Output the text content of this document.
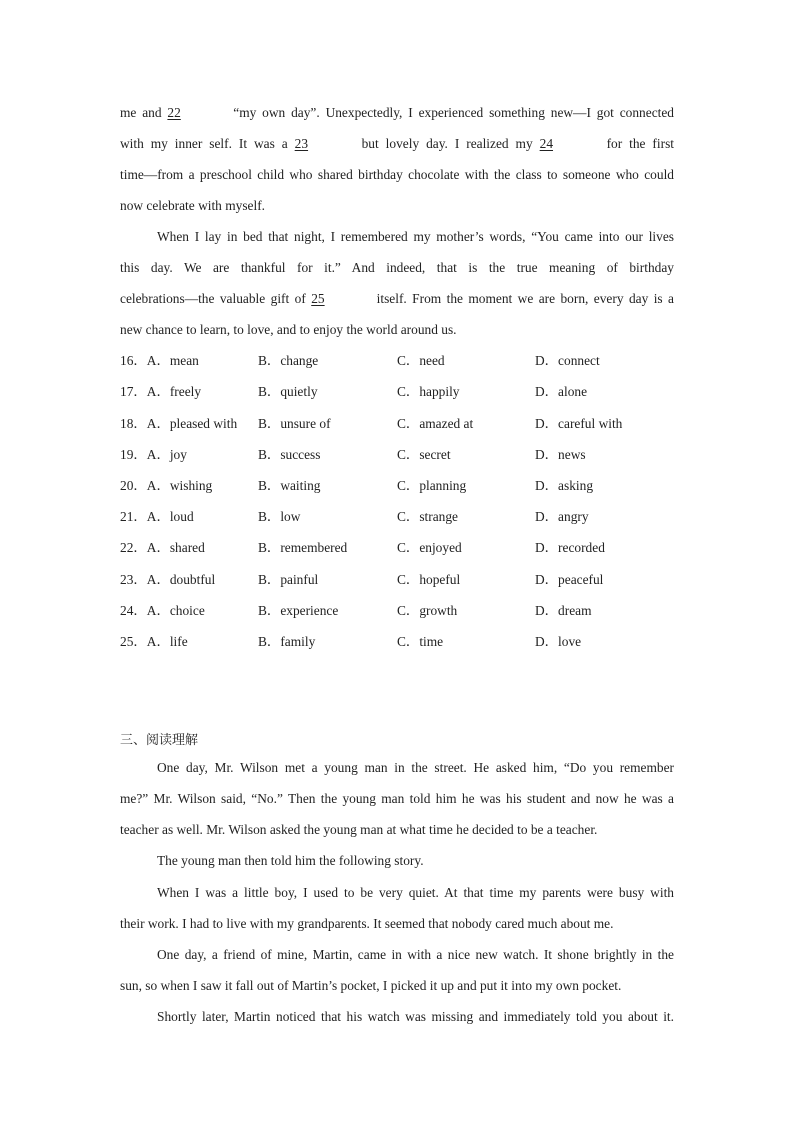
me and 22	“my own day”. Unexpectedly, I experienced something new—I got connected
with my inner self. It was a 23	but lovely day. I realized my 24	for the first
time—from a preschool child who shared birthday chocolate with the class to someone who could
now celebrate with myself.
When I lay in bed that night, I remembered my mother’s words, “You came into our lives
this day. We are thankful for it.” And indeed, that is the true meaning of birthday
celebrations—the valuable gift of 25	itself. From the moment we are born, every day is a
new chance to learn, to love, and to enjoy the world around us.
16．A．mean	B．change	C．need	D．connect
17．A．freely	B．quietly	C．happily	D．alone
18．A．pleased with B．unsure of	C．amazed at	D．careful with
19．A．joy	B．success	C．secret	D．news
20．A．wishing	B．waiting	C．planning	D．asking
21．A．loud	B．low	C．strange	D．angry
22．A．shared	B．remembered	C．enjoyed	D．recorded
23．A．doubtful	B．painful	C．hopeful	D．peaceful
24．A．choice	B．experience	C．growth	D．dream
25．A．life	B．family	C．time	D．love
三、阅读理解
One day, Mr. Wilson met a young man in the street. He asked him, “Do you remember
me?” Mr. Wilson said, “No.” Then the young man told him he was his student and now he was a
teacher as well. Mr. Wilson asked the young man at what time he decided to be a teacher.
The young man then told him the following story.
When I was a little boy, I used to be very quiet. At that time my parents were busy with
their work. I had to live with my grandparents. It seemed that nobody cared much about me.
One day, a friend of mine, Martin, came in with a nice new watch. It shone brightly in the
sun, so when I saw it fall out of Martin’s pocket, I picked it up and put it into my own pocket.
Shortly later, Martin noticed that his watch was missing and immediately told you about it.
